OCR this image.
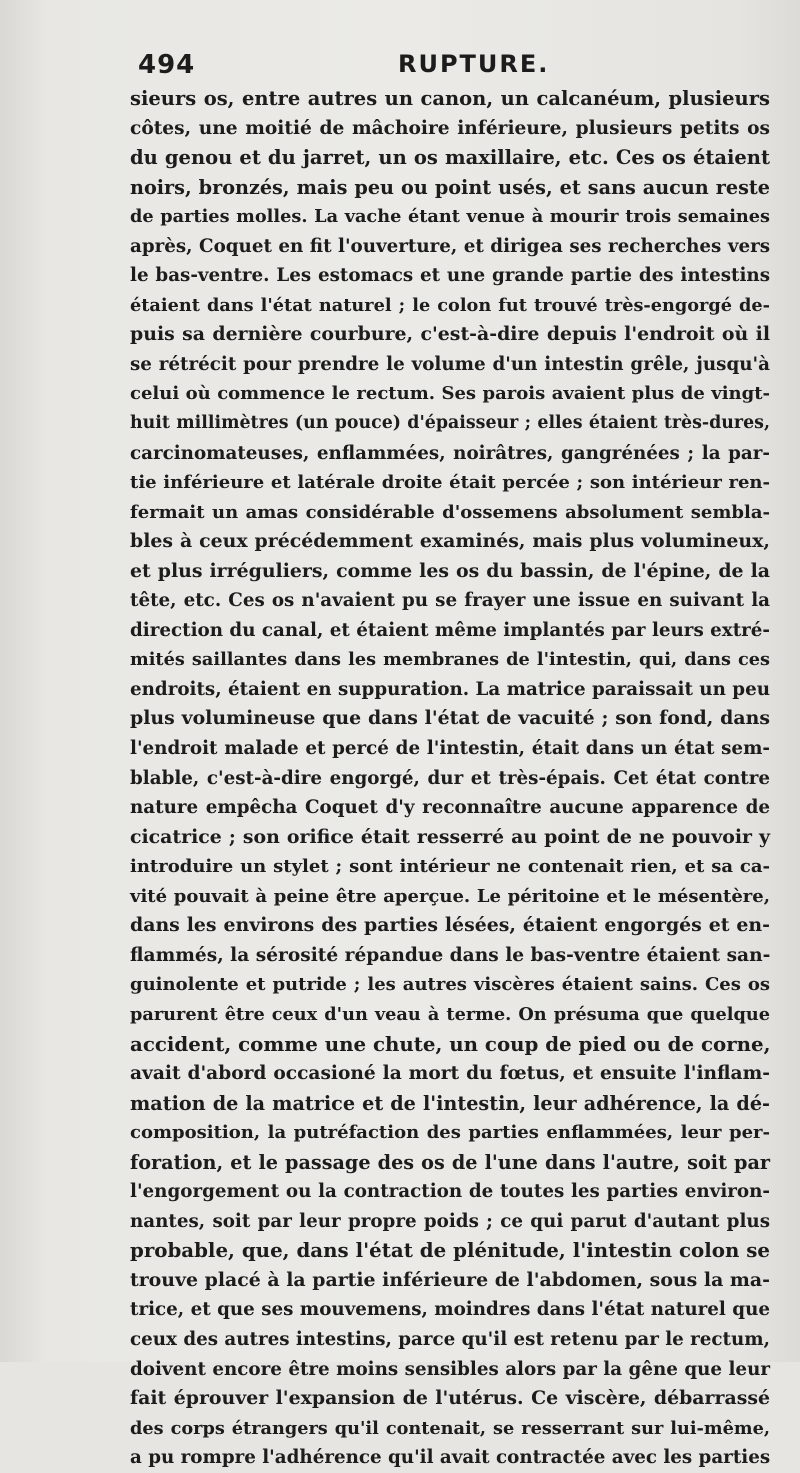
494	RUPTURE.
sieurs os, entre autres un canon, un calcanéum, plusieurs
côtes, une moitié de mâchoire inférieure, plusieurs petits os
du genou et du jarret, un os maxillaire, etc. Ces os étaient
noirs, bronzés, mais peu ou point usés, et sans aucun reste
de parties molles. La vache étant venue à mourir trois semaines
après, Coquet en fit l'ouverture, et dirigea ses recherches vers
le bas-ventre. Les estomacs et une grande partie des intestins
étaient dans l'état naturel ; le colon fut trouvé très-engorgé de-
puis sa dernière courbure, c'est-à-dire depuis l'endroit où il
se rétrécit pour prendre le volume d'un intestin grêle, jusqu'à
celui où commence le rectum. Ses parois avaient plus de vingt-
huit millimètres (un pouce) d'épaisseur ; elles étaient très-dures,
carcinomateuses, enflammées, noirâtres, gangrénées ; la par-
tie inférieure et latérale droite était percée ; son intérieur ren-
fermait un amas considérable d'ossemens absolument sembla-
bles à ceux précédemment examinés, mais plus volumineux,
et plus irréguliers, comme les os du bassin, de l'épine, de la
tête, etc. Ces os n'avaient pu se frayer une issue en suivant la
direction du canal, et étaient même implantés par leurs extré-
mités saillantes dans les membranes de l'intestin, qui, dans ces
endroits, étaient en suppuration. La matrice paraissait un peu
plus volumineuse que dans l'état de vacuité ; son fond, dans
l'endroit malade et percé de l'intestin, était dans un état sem-
blable, c'est-à-dire engorgé, dur et très-épais. Cet état contre
nature empêcha Coquet d'y reconnaître aucune apparence de
cicatrice ; son orifice était resserré au point de ne pouvoir y
introduire un stylet ; sont intérieur ne contenait rien, et sa ca-
vité pouvait à peine être aperçue. Le péritoine et le mésentère,
dans les environs des parties lésées, étaient engorgés et en-
flammés, la sérosité répandue dans le bas-ventre étaient san-
guinolente et putride ; les autres viscères étaient sains. Ces os
parurent être ceux d'un veau à terme. On présuma que quelque
accident, comme une chute, un coup de pied ou de corne,
avait d'abord occasioné la mort du fœtus, et ensuite l'inflam-
mation de la matrice et de l'intestin, leur adhérence, la dé-
composition, la putréfaction des parties enflammées, leur per-
foration, et le passage des os de l'une dans l'autre, soit par
l'engorgement ou la contraction de toutes les parties environ-
nantes, soit par leur propre poids ; ce qui parut d'autant plus
probable, que, dans l'état de plénitude, l'intestin colon se
trouve placé à la partie inférieure de l'abdomen, sous la ma-
trice, et que ses mouvemens, moindres dans l'état naturel que
ceux des autres intestins, parce qu'il est retenu par le rectum,
doivent encore être moins sensibles alors par la gêne que leur
fait éprouver l'expansion de l'utérus. Ce viscère, débarrassé
des corps étrangers qu'il contenait, se resserrant sur lui-même,
a pu rompre l'adhérence qu'il avait contractée avec les parties
